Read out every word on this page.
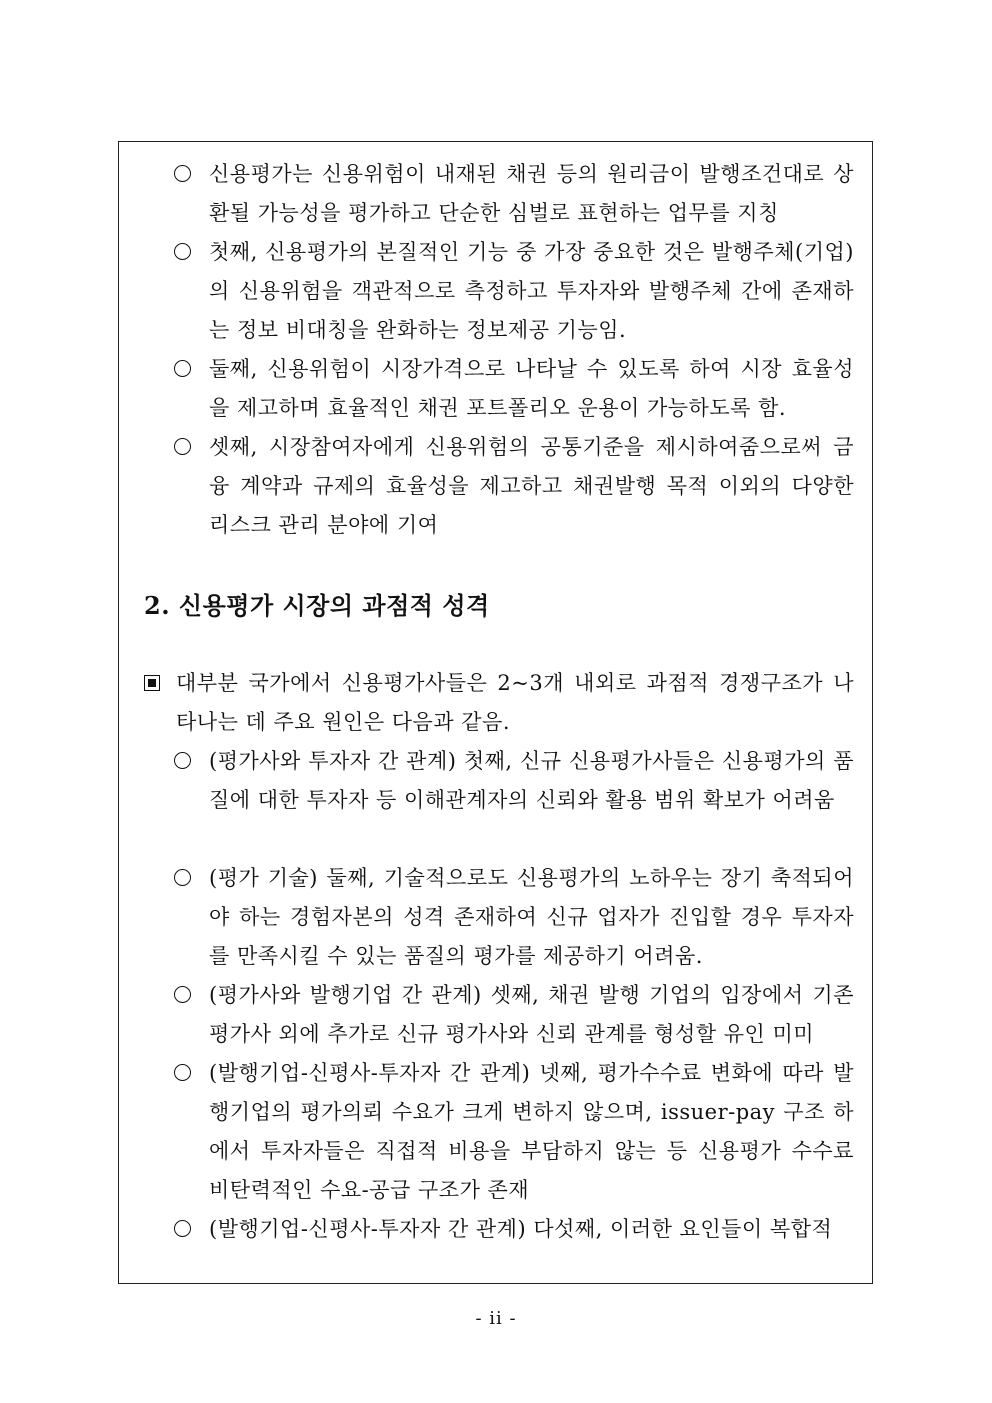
신용평가는 신용위험이 내재된 채권 등의 원리금이 발행조건대로 상환될 가능성을 평가하고 단순한 심벌로 표현하는 업무를 지칭

첫째, 신용평가의 본질적인 기능 중 가장 중요한 것은 발행주체(기업)의 신용위험을 객관적으로 측정하고 투자자와 발행주체 간에 존재하는 정보 비대칭을 완화하는 정보제공 기능임.

둘째, 신용위험이 시장가격으로 나타날 수 있도록 하여 시장 효율성을 제고하며 효율적인 채권 포트폴리오 운용이 가능하도록 함.

셋째, 시장참여자에게 신용위험의 공통기준을 제시하여줌으로써 금융 계약과 규제의 효율성을 제고하고 채권발행 목적 이외의 다양한 리스크 관리 분야에 기여

2. 신용평가 시장의 과점적 성격

대부분 국가에서 신용평가사들은 2~3개 내외로 과점적 경쟁구조가 나타나는 데 주요 원인은 다음과 같음.

(평가사와 투자자 간 관계) 첫째, 신규 신용평가사들은 신용평가의 품질에 대한 투자자 등 이해관계자의 신뢰와 활용 범위 확보가 어려움

(평가 기술) 둘째, 기술적으로도 신용평가의 노하우는 장기 축적되어야 하는 경험자본의 성격 존재하여 신규 업자가 진입할 경우 투자자를 만족시킬 수 있는 품질의 평가를 제공하기 어려움.

(평가사와 발행기업 간 관계) 셋째, 채권 발행 기업의 입장에서 기존 평가사 외에 추가로 신규 평가사와 신뢰 관계를 형성할 유인 미미

(발행기업-신평사-투자자 간 관계) 넷째, 평가수수료 변화에 따라 발행기업의 평가의뢰 수요가 크게 변하지 않으며, issuer-pay 구조 하에서 투자자들은 직접적 비용을 부담하지 않는 등 신용평가 수수료 비탄력적인 수요-공급 구조가 존재

(발행기업-신평사-투자자 간 관계) 다섯째, 이러한 요인들이 복합적

- ii -
